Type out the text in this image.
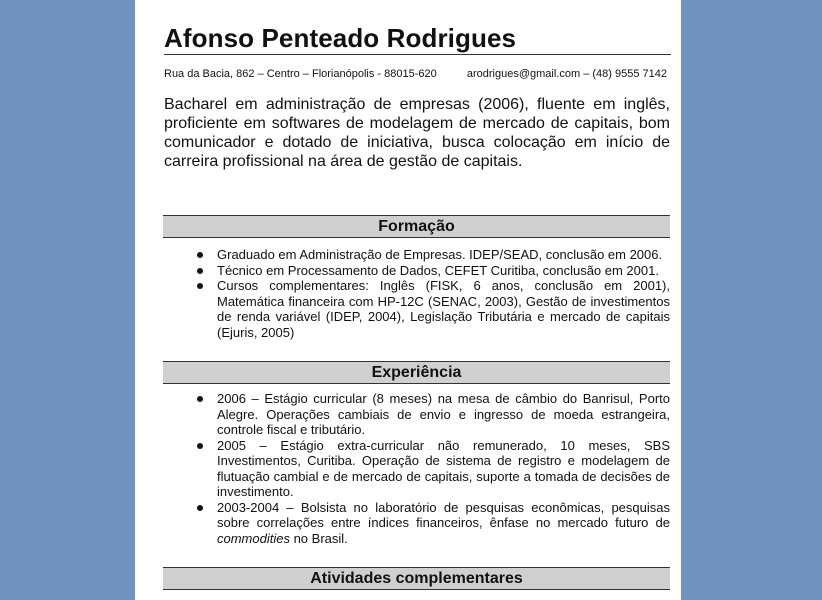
Afonso Penteado Rodrigues
Rua da Bacia, 862 – Centro – Florianópolis - 88015-620	arodrigues@gmail.com – (48) 9555 7142
Bacharel em administração de empresas (2006), fluente em inglês, proficiente em softwares de modelagem de mercado de capitais, bom comunicador e dotado de iniciativa, busca colocação em início de carreira profissional na área de gestão de capitais.
Formação
Graduado em Administração de Empresas. IDEP/SEAD, conclusão em 2006.
Técnico em Processamento de Dados, CEFET Curitiba, conclusão em 2001.
Cursos complementares: Inglês (FISK, 6 anos, conclusão em 2001), Matemática financeira com HP-12C (SENAC, 2003), Gestão de investimentos de renda variável (IDEP, 2004), Legislação Tributária e mercado de capitais (Ejuris, 2005)
Experiência
2006 – Estágio curricular (8 meses) na mesa de câmbio do Banrisul, Porto Alegre. Operações cambiais de envio e ingresso de moeda estrangeira, controle fiscal e tributário.
2005 – Estágio extra-curricular não remunerado, 10 meses, SBS Investimentos, Curitiba. Operação de sistema de registro e modelagem de flutuação cambial e de mercado de capitais, suporte a tomada de decisões de investimento.
2003-2004 – Bolsista no laboratório de pesquisas econômicas, pesquisas sobre correlações entre índices financeiros, ênfase no mercado futuro de commodities no Brasil.
Atividades complementares
